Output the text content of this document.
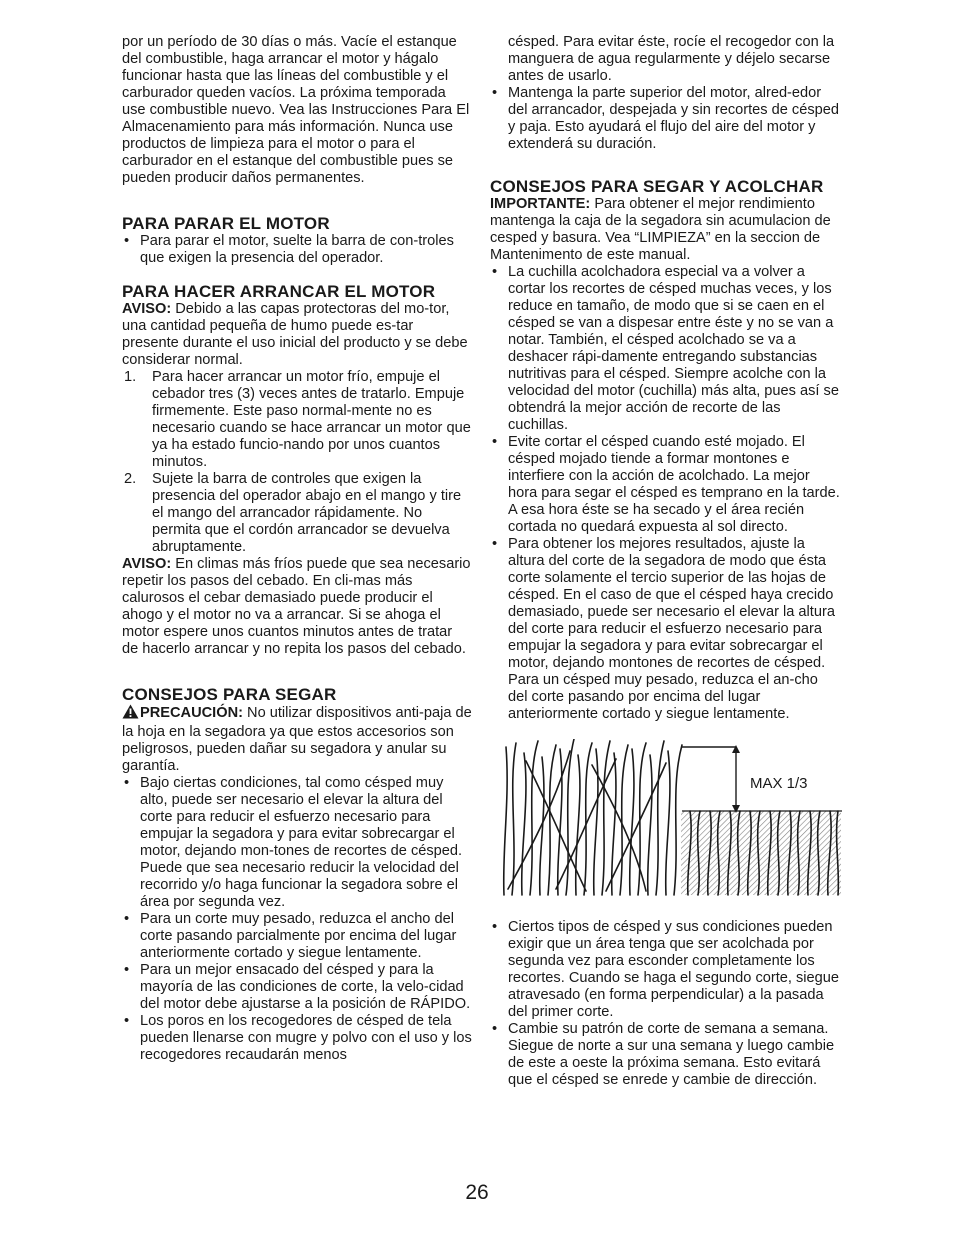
por un período de 30 días o más. Vacíe el estanque del combustible, haga arrancar el motor y hágalo funcionar hasta que las líneas del combustible y el carburador queden vacíos. La próxima temporada use combustible nuevo. Vea las Instrucciones Para El Almacenamiento para más información. Nunca use productos de limpieza para el motor o para el carburador en el estanque del combustible pues se pueden producir daños permanentes.

PARA PARAR EL MOTOR
• Para parar el motor, suelte la barra de con-troles que exigen la presencia del operador.
PARA HACER ARRANCAR EL MOTOR

AVISO: Debido a las capas protectoras del mo-tor, una cantidad pequeña de humo puede es-tar presente durante el uso inicial del producto y se debe considerar normal.

1. Para hacer arrancar un motor frío, empuje el cebador tres (3) veces antes de tratarlo. Empuje firmemente. Este paso normal-mente no es necesario cuando se hace arrancar un motor que ya ha estado funcio-nando por unos cuantos minutos.
2. Sujete la barra de controles que exigen la presencia del operador abajo en el mango y tire el mango del arrancador rápidamente. No permita que el cordón arrancador se devuelva abruptamente.

AVISO: En climas más fríos puede que sea necesario repetir los pasos del cebado. En cli-mas más calurosos el cebar demasiado puede producir el ahogo y el motor no va a arrancar. Si se ahoga el motor espere unos cuantos minutos antes de tratar de hacerlo arrancar y no repita los pasos del cebado.

CONSEJOS PARA SEGAR

PRECAUCIÓN: No utilizar dispositivos anti-paja de la hoja en la segadora ya que estos accesorios son peligrosos, pueden dañar su segadora y anular su garantía.

• Bajo ciertas condiciones, tal como césped muy alto, puede ser necesario el elevar la altura del corte para reducir el esfuerzo necesario para empujar la segadora y para evitar sobrecargar el motor, dejando mon-tones de recortes de césped. Puede que sea necesario reducir la velocidad del recorrido y/o haga funcionar la segadora sobre el área por segunda vez.
• Para un corte muy pesado, reduzca el ancho del corte pasando parcialmente por encima del lugar anteriormente cortado y siegue lentamente.
• Para un mejor ensacado del césped y para la mayoría de las condiciones de corte, la velo-cidad del motor debe ajustarse a la posición de RÁPIDO.
• Los poros en los recogedores de césped de tela pueden llenarse con mugre y polvo con el uso y los recogedores recaudarán menos

césped. Para evitar éste, rocíe el recogedor con la manguera de agua regularmente y déjelo secarse antes de usarlo.

• Mantenga la parte superior del motor, alred-edor del arrancador, despejada y sin recortes de césped y paja. Esto ayudará el flujo del aire del motor y extenderá su duración.
CONSEJOS PARA SEGAR Y ACOLCHAR

IMPORTANTE: Para obtener el mejor rendimiento mantenga la caja de la segadora sin acumulacion de cesped y basura. Vea “LIMPIEZA” en la seccion de Mantenimento de este manual.

• La cuchilla acolchadora especial va a volver a cortar los recortes de césped muchas veces, y los reduce en tamaño, de modo que si se caen en el césped se van a dispesar entre éste y no se van a notar. También, el césped acolchado se va a deshacer rápi-damente entregando substancias nutritivas para el césped. Siempre acolche con la velocidad del motor (cuchilla) más alta, pues así se obtendrá la mejor acción de recorte de las cuchillas.
• Evite cortar el césped cuando esté mojado. El césped mojado tiende a formar montones e interfiere con la acción de acolchado. La mejor hora para segar el césped es temprano en la tarde. A esa hora éste se ha secado y el área recién cortada no quedará expuesta al sol directo.
• Para obtener los mejores resultados, ajuste la altura del corte de la segadora de modo que ésta corte solamente el tercio superior de las hojas de césped. En el caso de que el césped haya crecido demasiado, puede ser necesario el elevar la altura del corte para reducir el esfuerzo necesario para empujar la segadora y para evitar sobrecargar el motor, dejando montones de recortes de césped. Para un césped muy pesado, reduzca el an-cho del corte pasando por encima del lugar anteriormente cortado y siegue lentamente.
MAX 1/3
• Ciertos tipos de césped y sus condiciones pueden exigir que un área tenga que ser acolchada por segunda vez para esconder completamente los recortes. Cuando se haga el segundo corte, siegue atravesado (en forma perpendicular) a la pasada del primer corte.
• Cambie su patrón de corte de semana a semana. Siegue de norte a sur una semana y luego cambie de este a oeste la próxima semana. Esto evitará que el césped se enrede y cambie de dirección.
26
